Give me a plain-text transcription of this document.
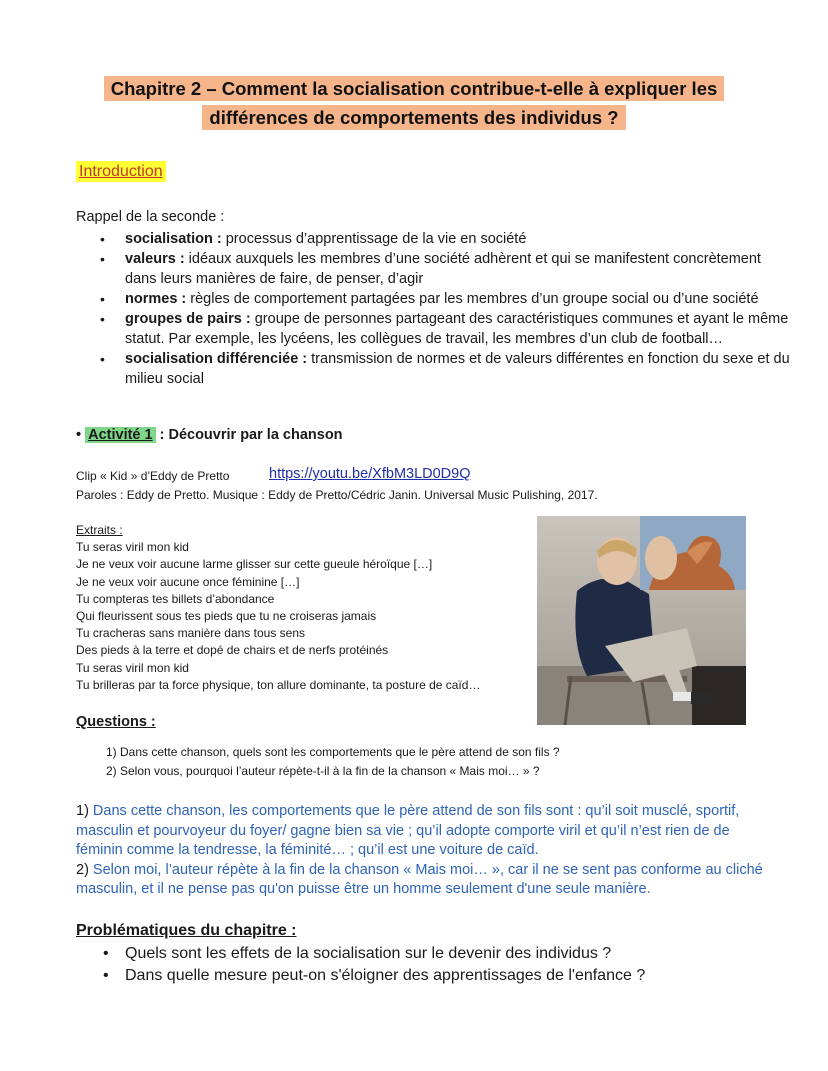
Chapitre 2 – Comment la socialisation contribue-t-elle à expliquer les
différences de comportements des individus ?
Introduction
Rappel de la seconde :
• socialisation : processus d’apprentissage de la vie en société
• valeurs : idéaux auxquels les membres d’une société adhèrent et qui se manifestent concrètement dans leurs manières de faire, de penser, d’agir
• normes : règles de comportement partagées par les membres d’un groupe social ou d’une société
• groupes de pairs : groupe de personnes partageant des caractéristiques communes et ayant le même statut. Par exemple, les lycéens, les collègues de travail, les membres d’un club de football…
• socialisation différenciée : transmission de normes et de valeurs différentes en fonction du sexe et du milieu social
• Activité 1 : Découvrir par la chanson
Clip « Kid » d’Eddy de Pretto	https://youtu.be/XfbM3LD0D9Q
Paroles : Eddy de Pretto. Musique : Eddy de Pretto/Cédric Janin. Universal Music Pulishing, 2017.
Extraits :
Tu seras viril mon kid
Je ne veux voir aucune larme glisser sur cette gueule héroïque […]
Je ne veux voir aucune once féminine […]
Tu compteras tes billets d’abondance
Qui fleurissent sous tes pieds que tu ne croiseras jamais
Tu cracheras sans manière dans tous sens
Des pieds à la terre et dopé de chairs et de nerfs protéinés
Tu seras viril mon kid
Tu brilleras par ta force physique, ton allure dominante, ta posture de caïd…
Questions :
1) Dans cette chanson, quels sont les comportements que le père attend de son fils ?
2) Selon vous, pourquoi l’auteur répète-t-il à la fin de la chanson « Mais moi… » ?
1) Dans cette chanson, les comportements que le père attend de son fils sont : qu’il soit musclé, sportif, masculin et pourvoyeur du foyer/ gagne bien sa vie ; qu’il adopte comporte viril et qu’il n’est rien de de féminin comme la tendresse, la féminité… ; qu’il est une voiture de caïd.
2) Selon moi, l’auteur répète à la fin de la chanson « Mais moi… », car il ne se sent pas conforme au cliché masculin, et il ne pense pas qu'on puisse être un homme seulement d'une seule manière.
Problématiques du chapitre :
• Quels sont les effets de la socialisation sur le devenir des individus ?
• Dans quelle mesure peut-on s'éloigner des apprentissages de l'enfance ?
